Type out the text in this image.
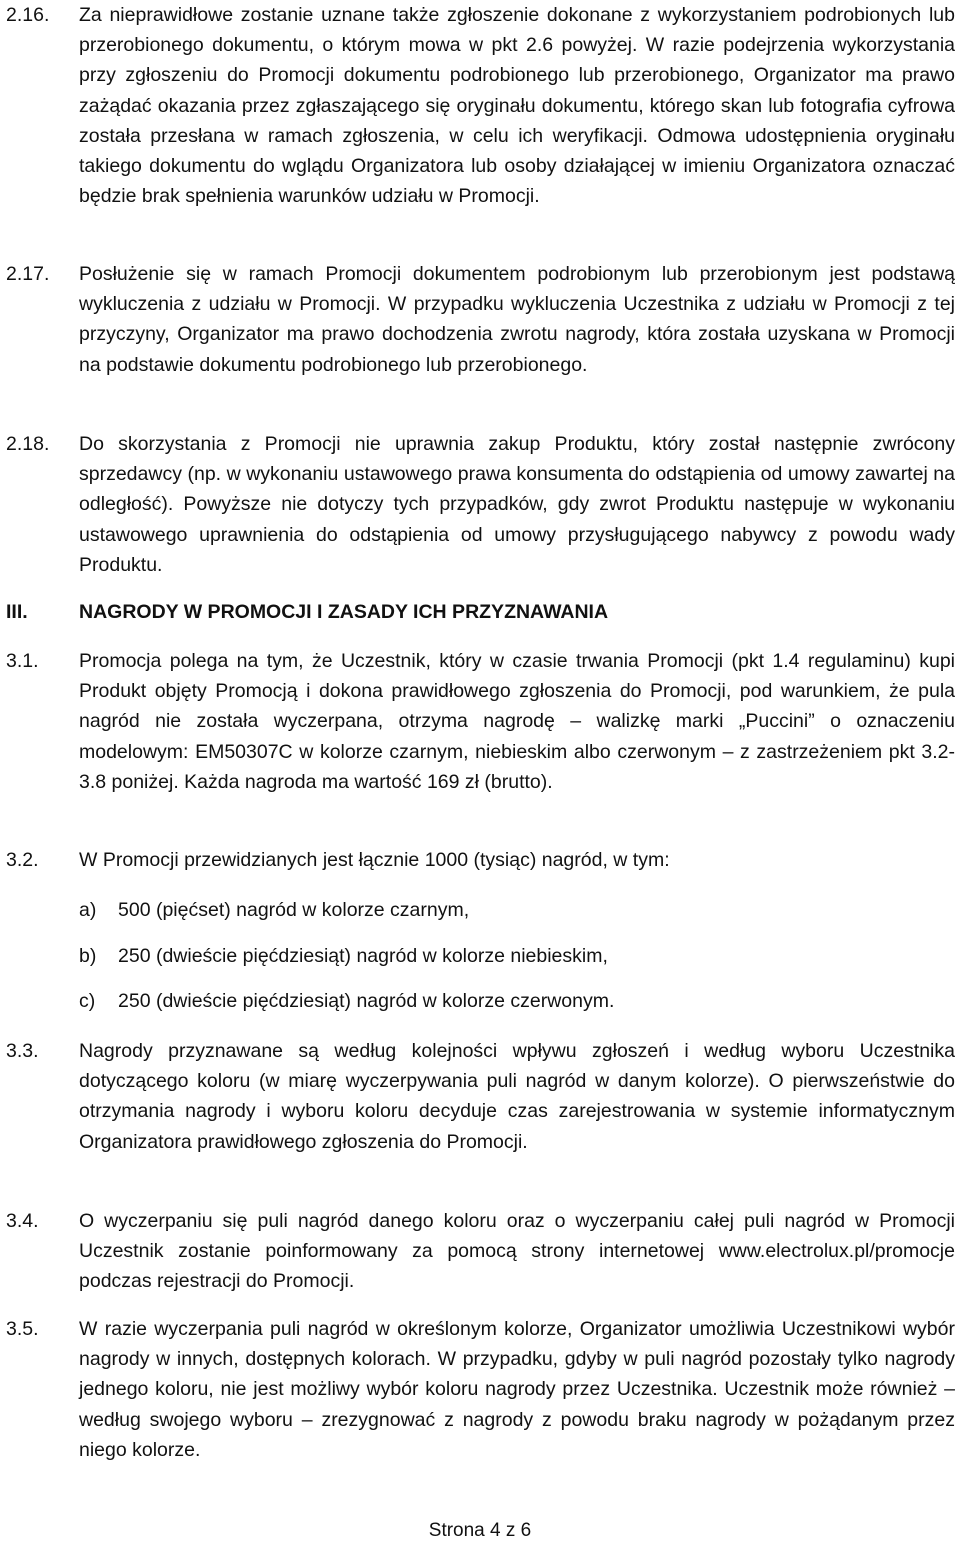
2.16. Za nieprawidłowe zostanie uznane także zgłoszenie dokonane z wykorzystaniem podrobionych lub przerobionego dokumentu, o którym mowa w pkt 2.6 powyżej. W razie podejrzenia wykorzystania przy zgłoszeniu do Promocji dokumentu podrobionego lub przerobionego, Organizator ma prawo zażądać okazania przez zgłaszającego się oryginału dokumentu, którego skan lub fotografia cyfrowa została przesłana w ramach zgłoszenia, w celu ich weryfikacji. Odmowa udostępnienia oryginału takiego dokumentu do wglądu Organizatora lub osoby działającej w imieniu Organizatora oznaczać będzie brak spełnienia warunków udziału w Promocji.
2.17. Posłużenie się w ramach Promocji dokumentem podrobionym lub przerobionym jest podstawą wykluczenia z udziału w Promocji. W przypadku wykluczenia Uczestnika z udziału w Promocji z tej przyczyny, Organizator ma prawo dochodzenia zwrotu nagrody, która została uzyskana w Promocji na podstawie dokumentu podrobionego lub przerobionego.
2.18. Do skorzystania z Promocji nie uprawnia zakup Produktu, który został następnie zwrócony sprzedawcy (np. w wykonaniu ustawowego prawa konsumenta do odstąpienia od umowy zawartej na odległość). Powyższe nie dotyczy tych przypadków, gdy zwrot Produktu następuje w wykonaniu ustawowego uprawnienia do odstąpienia od umowy przysługującego nabywcy z powodu wady Produktu.
III.	NAGRODY W PROMOCJI I ZASADY ICH PRZYZNAWANIA
3.1. Promocja polega na tym, że Uczestnik, który w czasie trwania Promocji (pkt 1.4 regulaminu) kupi Produkt objęty Promocją i dokona prawidłowego zgłoszenia do Promocji, pod warunkiem, że pula nagród nie została wyczerpana, otrzyma nagrodę – walizkę marki „Puccini” o oznaczeniu modelowym: EM50307C w kolorze czarnym, niebieskim albo czerwonym – z zastrzeżeniem pkt 3.2-3.8 poniżej. Każda nagroda ma wartość 169 zł (brutto).
3.2. W Promocji przewidzianych jest łącznie 1000 (tysiąc) nagród, w tym:
a) 500 (pięćset) nagród w kolorze czarnym,
b) 250 (dwieście pięćdziesiąt) nagród w kolorze niebieskim,
c) 250 (dwieście pięćdziesiąt) nagród w kolorze czerwonym.
3.3. Nagrody przyznawane są według kolejności wpływu zgłoszeń i według wyboru Uczestnika dotyczącego koloru (w miarę wyczerpywania puli nagród w danym kolorze). O pierwszeństwie do otrzymania nagrody i wyboru koloru decyduje czas zarejestrowania w systemie informatycznym Organizatora prawidłowego zgłoszenia do Promocji.
3.4. O wyczerpaniu się puli nagród danego koloru oraz o wyczerpaniu całej puli nagród w Promocji Uczestnik zostanie poinformowany za pomocą strony internetowej www.electrolux.pl/promocje podczas rejestracji do Promocji.
3.5. W razie wyczerpania puli nagród w określonym kolorze, Organizator umożliwia Uczestnikowi wybór nagrody w innych, dostępnych kolorach. W przypadku, gdyby w puli nagród pozostały tylko nagrody jednego koloru, nie jest możliwy wybór koloru nagrody przez Uczestnika. Uczestnik może również – według swojego wyboru – zrezygnować z nagrody z powodu braku nagrody w pożądanym przez niego kolorze.
Strona 4 z 6
